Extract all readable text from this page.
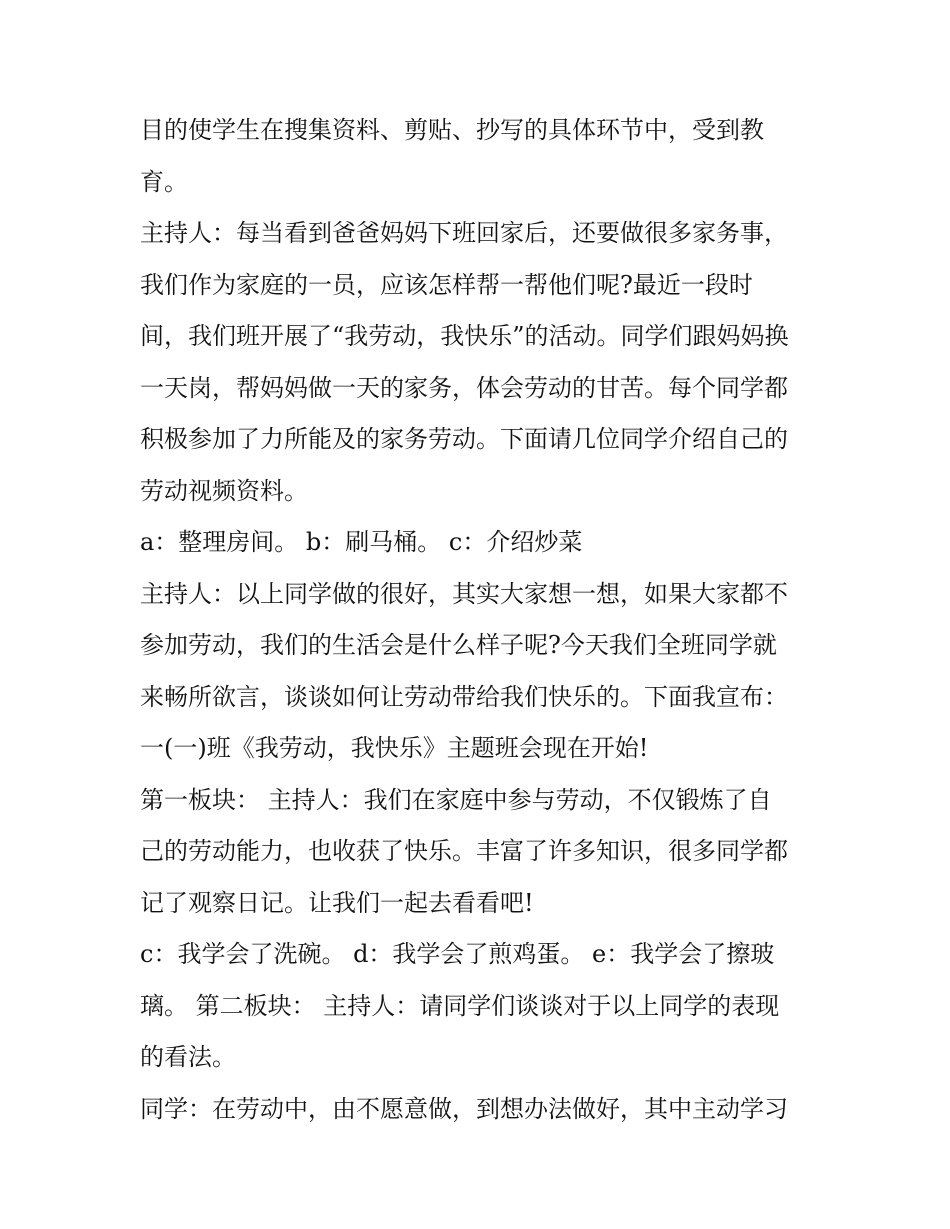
目的使学生在搜集资料、剪贴、抄写的具体环节中，受到教
育。
主持人：每当看到爸爸妈妈下班回家后，还要做很多家务事，
我们作为家庭的一员，应该怎样帮一帮他们呢?最近一段时
间，我们班开展了“我劳动，我快乐”的活动。同学们跟妈妈换
一天岗，帮妈妈做一天的家务，体会劳动的甘苦。每个同学都
积极参加了力所能及的家务劳动。下面请几位同学介绍自己的
劳动视频资料。
a：整理房间。 b：刷马桶。 c：介绍炒菜
主持人：以上同学做的很好，其实大家想一想，如果大家都不
参加劳动，我们的生活会是什么样子呢?今天我们全班同学就
来畅所欲言，谈谈如何让劳动带给我们快乐的。下面我宣布：
一(一)班《我劳动，我快乐》主题班会现在开始!
第一板块： 主持人：我们在家庭中参与劳动，不仅锻炼了自
己的劳动能力，也收获了快乐。丰富了许多知识，很多同学都
记了观察日记。让我们一起去看看吧!
c：我学会了洗碗。 d：我学会了煎鸡蛋。 e：我学会了擦玻
璃。 第二板块： 主持人：请同学们谈谈对于以上同学的表现
的看法。
同学：在劳动中，由不愿意做，到想办法做好，其中主动学习
